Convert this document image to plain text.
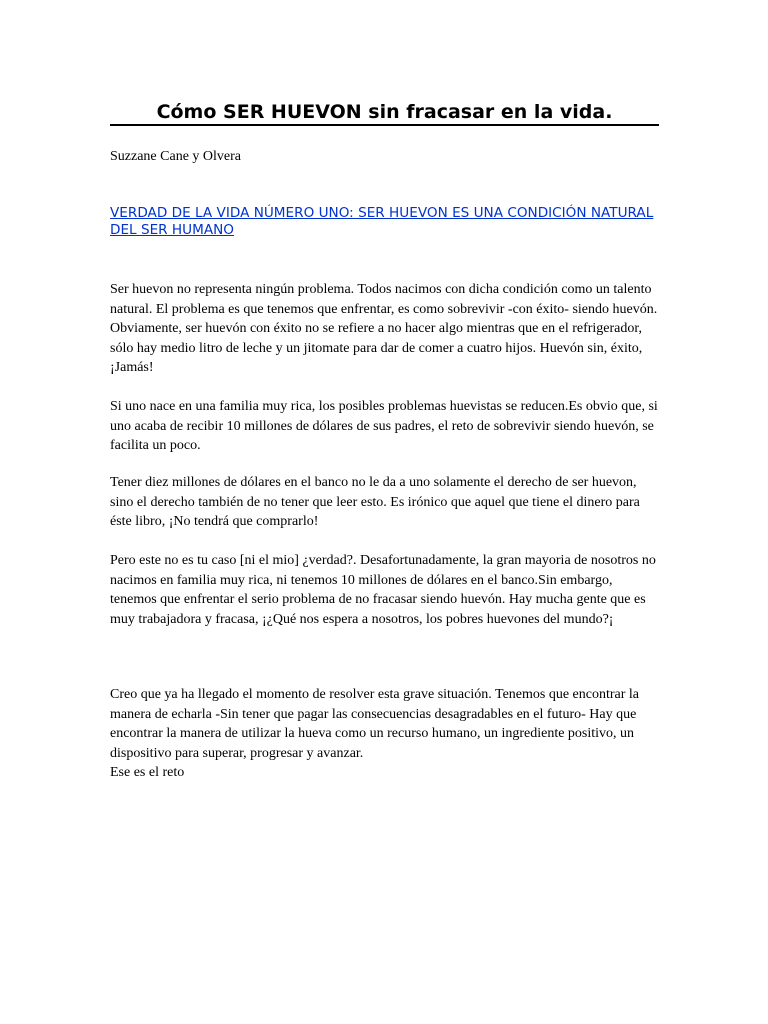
Cómo SER HUEVON sin fracasar en la vida.

Suzzane Cane y Olvera

VERDAD DE LA VIDA NÚMERO UNO: SER HUEVON ES UNA CONDICIÓN NATURAL DEL SER HUMANO

Ser huevon no representa ningún problema. Todos nacimos con dicha condición como un talento natural. El problema es que tenemos que enfrentar, es como sobrevivir -con éxito- siendo huevón. Obviamente, ser huevón con éxito no se refiere a no hacer algo mientras que en el refrigerador, sólo hay medio litro de leche y un jitomate para dar de comer a cuatro hijos. Huevón sin, éxito, ¡Jamás!

Si uno nace en una familia muy rica, los posibles problemas huevistas se reducen.Es obvio que, si uno acaba de recibir 10 millones de dólares de sus padres, el reto de sobrevivir siendo huevón, se facilita un poco.

Tener diez millones de dólares en el banco no le da a uno solamente el derecho de ser huevon, sino el derecho también de no tener que leer esto. Es irónico que aquel que tiene el dinero para éste libro, ¡No tendrá que comprarlo!

Pero este no es tu caso [ni el mio] ¿verdad?. Desafortunadamente, la gran mayoria de nosotros no nacimos en familia muy rica, ni tenemos 10 millones de dólares en el banco.Sin embargo, tenemos que enfrentar el serio problema de no fracasar siendo huevón. Hay mucha gente que es muy trabajadora y fracasa, ¡¿Qué nos espera a nosotros, los pobres huevones del mundo?¡

Creo que ya ha llegado el momento de resolver esta grave situación. Tenemos que encontrar la manera de echarla -Sin tener que pagar las consecuencias desagradables en el futuro- Hay que encontrar la manera de utilizar la hueva como un recurso humano, un ingrediente positivo, un dispositivo para superar, progresar y avanzar.

Ese es el reto
